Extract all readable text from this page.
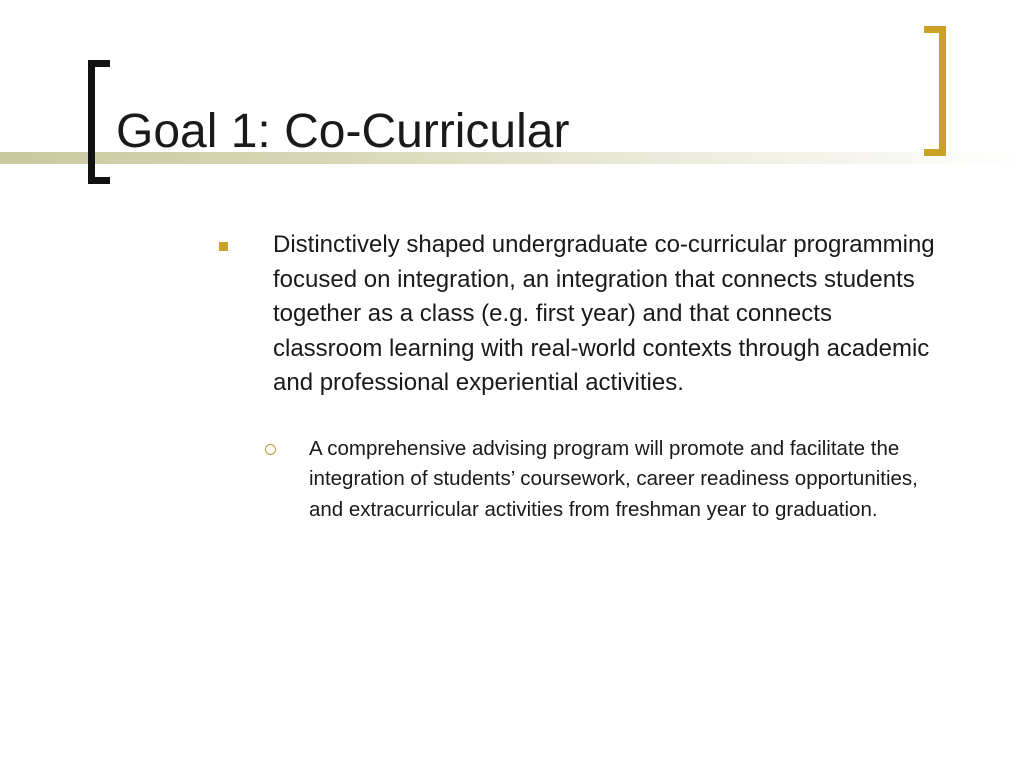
Goal 1: Co-Curricular
Distinctively shaped undergraduate co-curricular programming focused on integration, an integration that connects students together as a class (e.g. first year) and that connects classroom learning with real-world contexts through academic and professional experiential activities.
A comprehensive advising program will promote and facilitate the integration of students’ coursework, career readiness opportunities, and extracurricular activities from freshman year to graduation.
